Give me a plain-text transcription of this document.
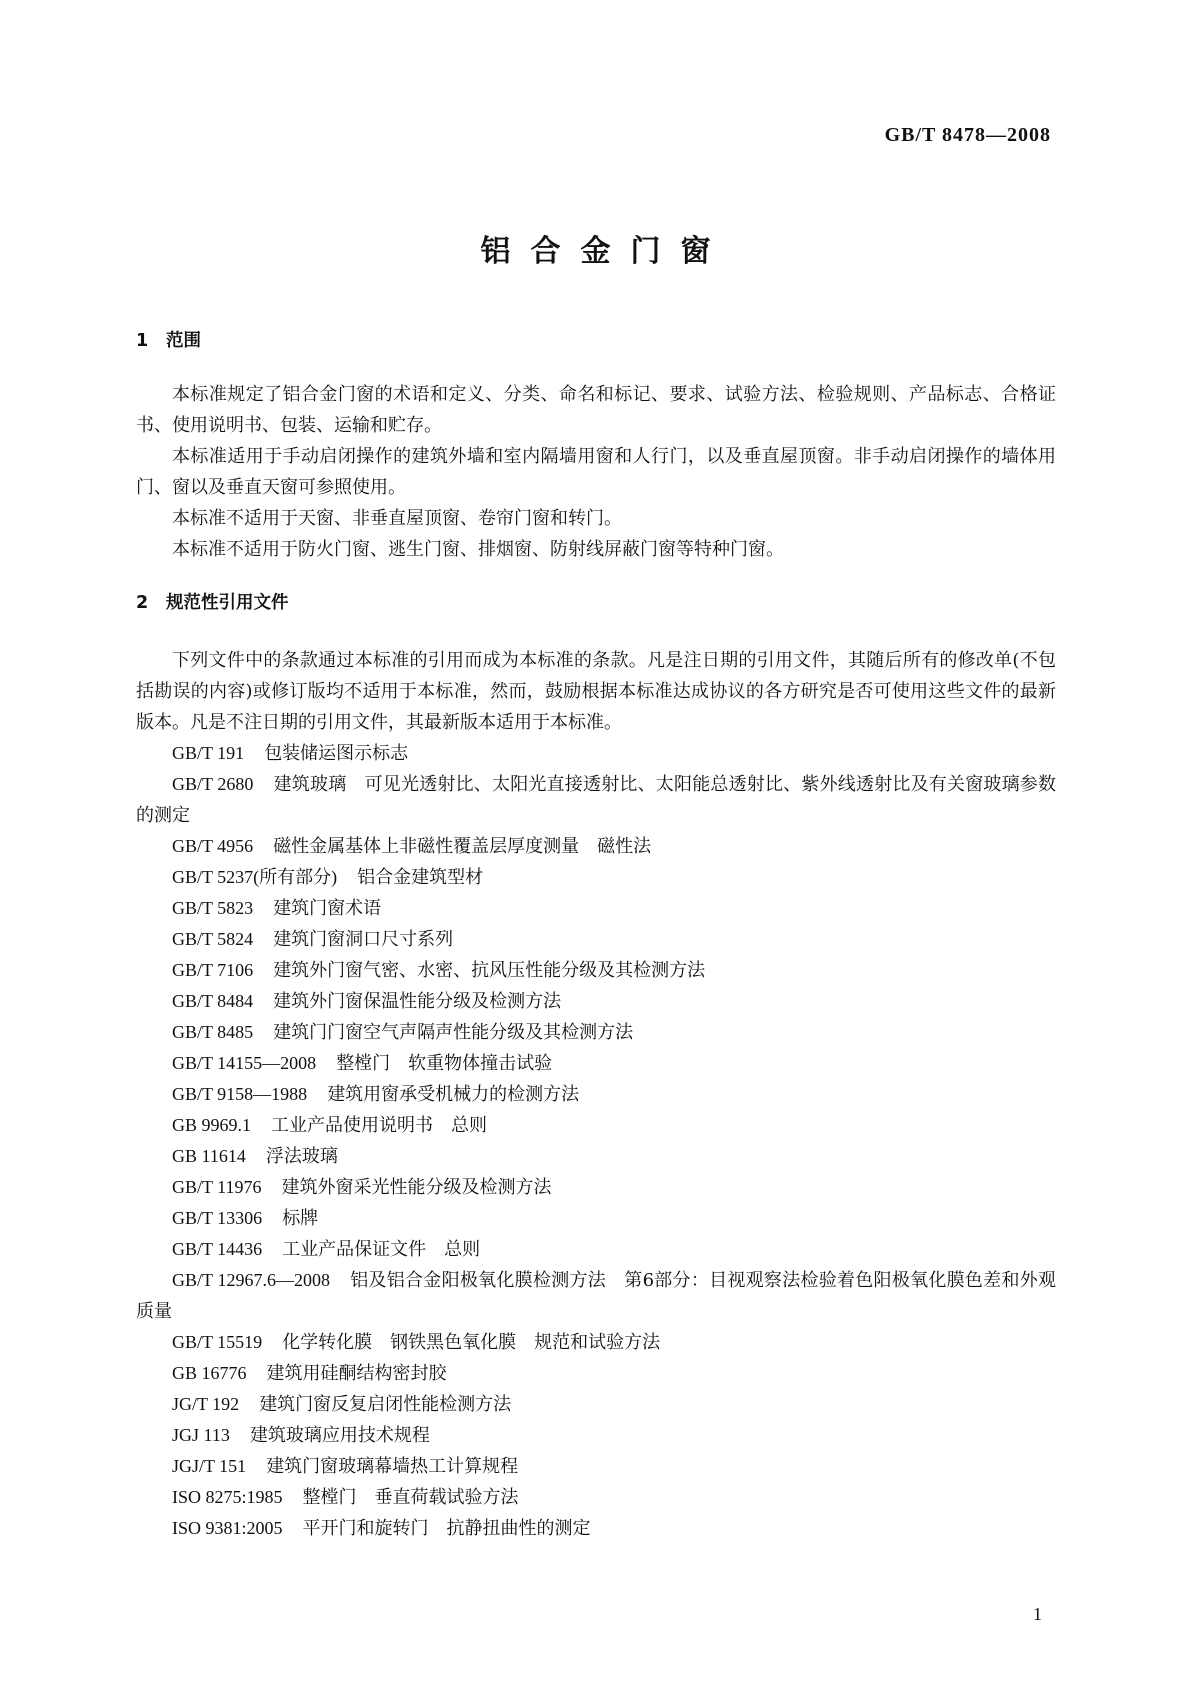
GB/T 8478—2008
铝合金门窗
1 范围

本标准规定了铝合金门窗的术语和定义、分类、命名和标记、要求、试验方法、检验规则、产品标志、合格证书、使用说明书、包装、运输和贮存。

本标准适用于手动启闭操作的建筑外墙和室内隔墙用窗和人行门，以及垂直屋顶窗。非手动启闭操作的墙体用门、窗以及垂直天窗可参照使用。

本标准不适用于天窗、非垂直屋顶窗、卷帘门窗和转门。

本标准不适用于防火门窗、逃生门窗、排烟窗、防射线屏蔽门窗等特种门窗。

2 规范性引用文件

下列文件中的条款通过本标准的引用而成为本标准的条款。凡是注日期的引用文件，其随后所有的修改单(不包括勘误的内容)或修订版均不适用于本标准，然而，鼓励根据本标准达成协议的各方研究是否可使用这些文件的最新版本。凡是不注日期的引用文件，其最新版本适用于本标准。

GB/T 191 包装储运图示标志

GB/T 2680 建筑玻璃　可见光透射比、太阳光直接透射比、太阳能总透射比、紫外线透射比及有关窗玻璃参数的测定

GB/T 4956 磁性金属基体上非磁性覆盖层厚度测量　磁性法

GB/T 5237(所有部分) 铝合金建筑型材

GB/T 5823 建筑门窗术语

GB/T 5824 建筑门窗洞口尺寸系列

GB/T 7106 建筑外门窗气密、水密、抗风压性能分级及其检测方法

GB/T 8484 建筑外门窗保温性能分级及检测方法

GB/T 8485 建筑门门窗空气声隔声性能分级及其检测方法

GB/T 14155—2008 整樘门　软重物体撞击试验

GB/T 9158—1988 建筑用窗承受机械力的检测方法

GB 9969.1 工业产品使用说明书　总则

GB 11614 浮法玻璃

GB/T 11976 建筑外窗采光性能分级及检测方法

GB/T 13306 标牌

GB/T 14436 工业产品保证文件　总则

GB/T 12967.6—2008 铝及铝合金阳极氧化膜检测方法　第6部分：目视观察法检验着色阳极氧化膜色差和外观质量

GB/T 15519 化学转化膜　钢铁黑色氧化膜　规范和试验方法

GB 16776 建筑用硅酮结构密封胶

JG/T 192 建筑门窗反复启闭性能检测方法

JGJ 113 建筑玻璃应用技术规程

JGJ/T 151 建筑门窗玻璃幕墙热工计算规程

ISO 8275:1985 整樘门　垂直荷载试验方法

ISO 9381:2005 平开门和旋转门　抗静扭曲性的测定

1
